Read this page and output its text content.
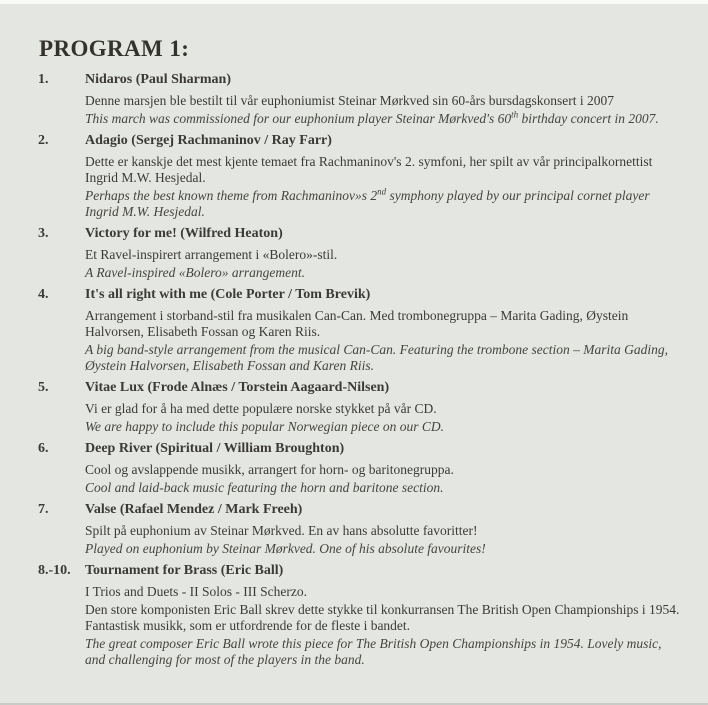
PROGRAM 1:
1.	Nidaros (Paul Sharman)

Denne marsjen ble bestilt til vår euphoniumist Steinar Mørkved sin 60-års bursdagskonsert i 2007

This march was commissioned for our euphonium player Steinar Mørkved's 60th birthday concert in 2007.

2.	Adagio (Sergej Rachmaninov / Ray Farr)

Dette er kanskje det mest kjente temaet fra Rachmaninov's 2. symfoni, her spilt av vår principalkornettist Ingrid M.W. Hesjedal.

Perhaps the best known theme from Rachmaninov»s 2nd symphony played by our principal cornet player Ingrid M.W. Hesjedal.

3.	Victory for me! (Wilfred Heaton)

Et Ravel-inspirert arrangement i «Bolero»-stil.

A Ravel-inspired «Bolero» arrangement.

4.	It's all right with me (Cole Porter / Tom Brevik)

Arrangement i storband-stil fra musikalen Can-Can. Med trombonegruppa – Marita Gading, Øystein Halvorsen, Elisabeth Fossan og Karen Riis.

A big band-style arrangement from the musical Can-Can. Featuring the trombone section – Marita Gading, Øystein Halvorsen, Elisabeth Fossan and Karen Riis.

5.	Vitae Lux (Frode Alnæs / Torstein Aagaard-Nilsen)

Vi er glad for å ha med dette populære norske stykket på vår CD.

We are happy to include this popular Norwegian piece on our CD.

6.	Deep River (Spiritual / William Broughton)

Cool og avslappende musikk, arrangert for horn- og baritonegruppa.

Cool and laid-back music featuring the horn and baritone section.

7.	Valse (Rafael Mendez / Mark Freeh)

Spilt på euphonium av Steinar Mørkved. En av hans absolutte favoritter!

Played on euphonium by Steinar Mørkved. One of his absolute favourites!

8.-10.	Tournament for Brass (Eric Ball)

I Trios and Duets - II Solos - III Scherzo.

Den store komponisten Eric Ball skrev dette stykke til konkurransen The British Open Championships i 1954. Fantastisk musikk, som er utfordrende for de fleste i bandet.

The great composer Eric Ball wrote this piece for The British Open Championships in 1954. Lovely music, and challenging for most of the players in the band.
